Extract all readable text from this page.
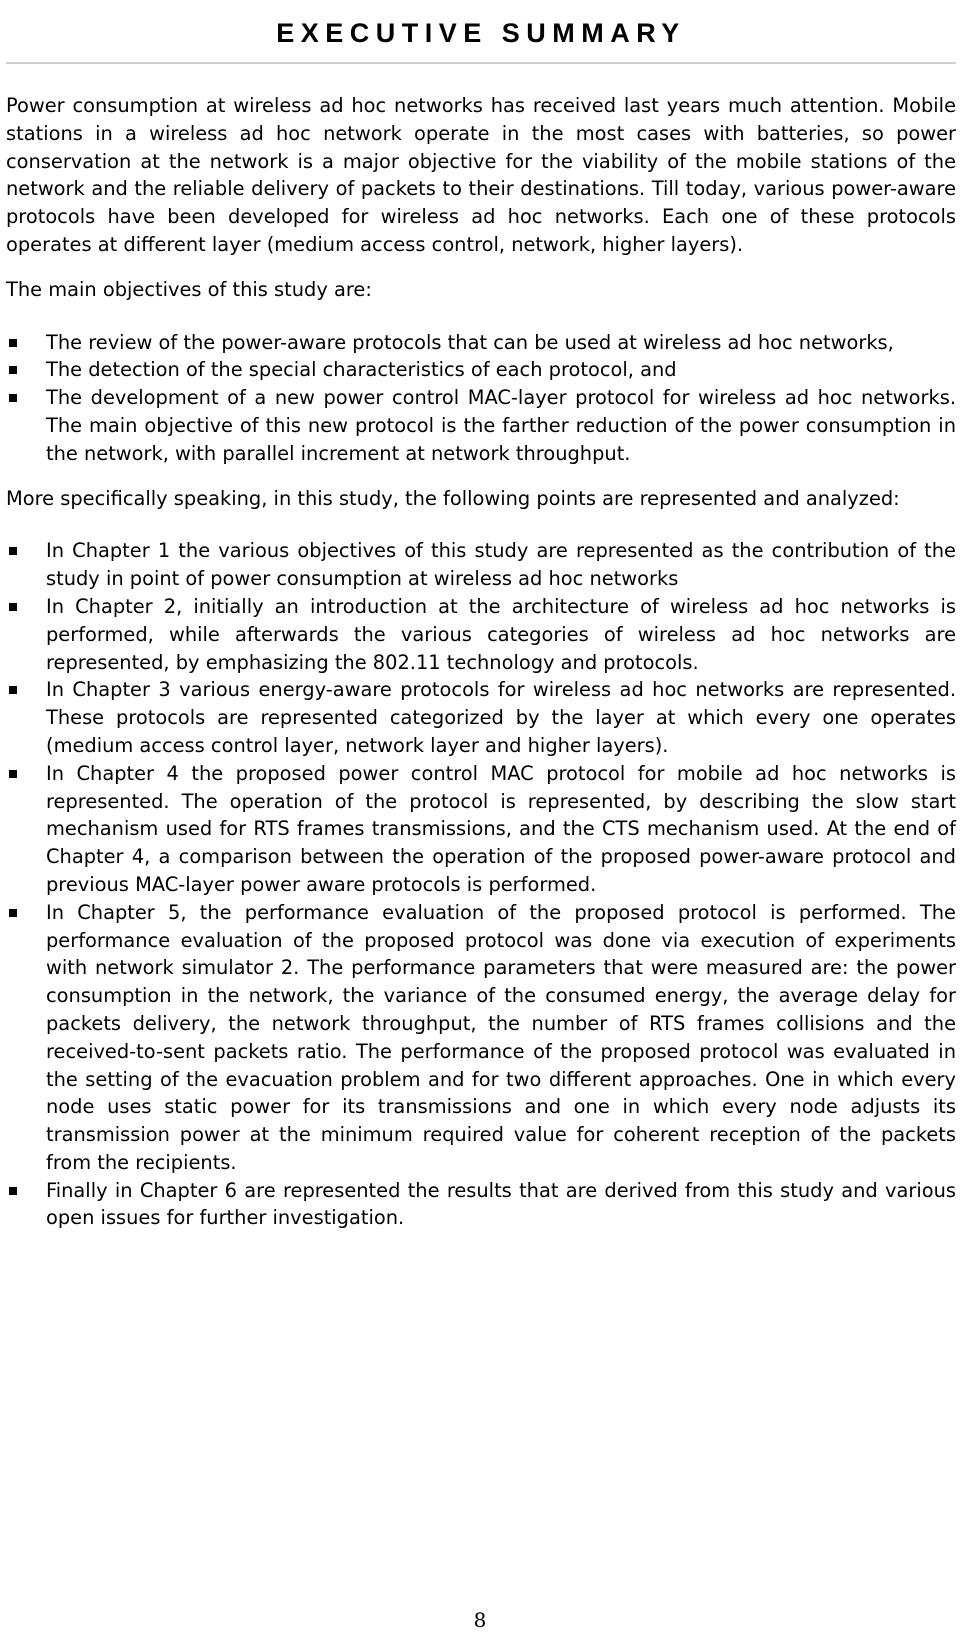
EXECUTIVE SUMMARY

Power consumption at wireless ad hoc networks has received last years much attention. Mobile stations in a wireless ad hoc network operate in the most cases with batteries, so power conservation at the network is a major objective for the viability of the mobile stations of the network and the reliable delivery of packets to their destinations. Till today, various power-aware protocols have been developed for wireless ad hoc networks. Each one of these protocols operates at different layer (medium access control, network, higher layers).

The main objectives of this study are:

The review of the power-aware protocols that can be used at wireless ad hoc networks,
The detection of the special characteristics of each protocol, and
The development of a new power control MAC-layer protocol for wireless ad hoc networks. The main objective of this new protocol is the farther reduction of the power consumption in the network, with parallel increment at network throughput.

More specifically speaking, in this study, the following points are represented and analyzed:

In Chapter 1 the various objectives of this study are represented as the contribution of the study in point of power consumption at wireless ad hoc networks
In Chapter 2, initially an introduction at the architecture of wireless ad hoc networks is performed, while afterwards the various categories of wireless ad hoc networks are represented, by emphasizing the 802.11 technology and protocols.
In Chapter 3 various energy-aware protocols for wireless ad hoc networks are represented. These protocols are represented categorized by the layer at which every one operates (medium access control layer, network layer and higher layers).
In Chapter 4 the proposed power control MAC protocol for mobile ad hoc networks is represented. The operation of the protocol is represented, by describing the slow start mechanism used for RTS frames transmissions, and the CTS mechanism used. At the end of Chapter 4, a comparison between the operation of the proposed power-aware protocol and previous MAC-layer power aware protocols is performed.
In Chapter 5, the performance evaluation of the proposed protocol is performed. The performance evaluation of the proposed protocol was done via execution of experiments with network simulator 2. The performance parameters that were measured are: the power consumption in the network, the variance of the consumed energy, the average delay for packets delivery, the network throughput, the number of RTS frames collisions and the received-to-sent packets ratio. The performance of the proposed protocol was evaluated in the setting of the evacuation problem and for two different approaches. One in which every node uses static power for its transmissions and one in which every node adjusts its transmission power at the minimum required value for coherent reception of the packets from the recipients.
Finally in Chapter 6 are represented the results that are derived from this study and various open issues for further investigation.
8
